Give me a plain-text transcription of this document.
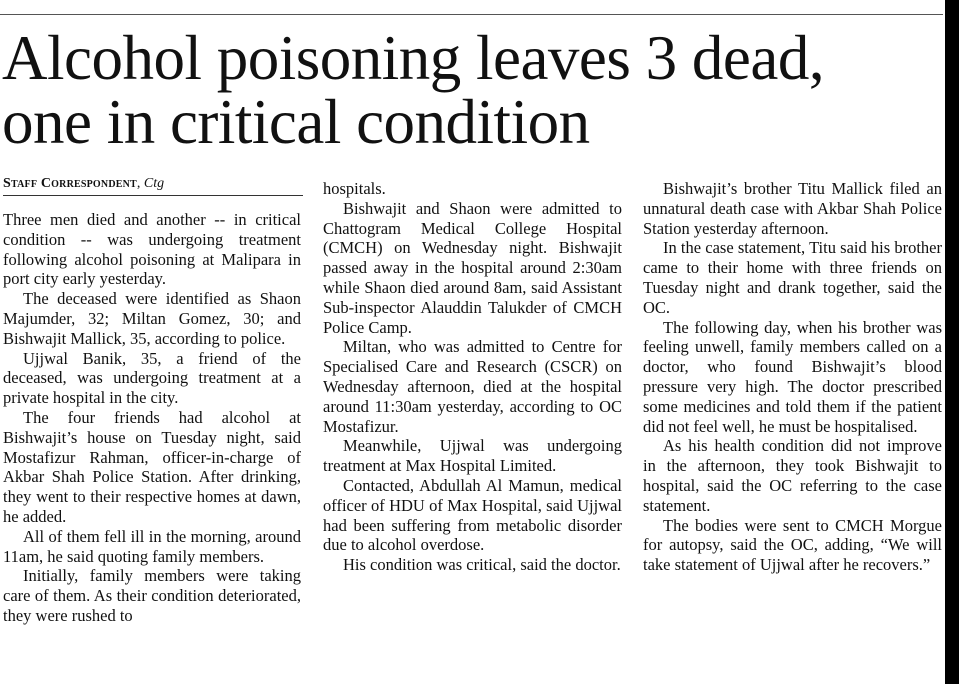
Alcohol poisoning leaves 3 dead,
one in critical condition
Staff Correspondent, Ctg

Three men died and another -- in critical condition -- was undergoing treatment following alcohol poisoning at Malipara in port city early yesterday.

The deceased were identified as Shaon Majumder, 32; Miltan Gomez, 30; and Bishwajit Mallick, 35, according to police.

Ujjwal Banik, 35, a friend of the deceased, was undergoing treatment at a private hospital in the city.

The four friends had alcohol at Bishwajit’s house on Tuesday night, said Mostafizur Rahman, officer-in-charge of Akbar Shah Police Station. After drinking, they went to their respective homes at dawn, he added.

All of them fell ill in the morning, around 11am, he said quoting family members.

Initially, family members were taking care of them. As their condition deteriorated, they were rushed to

hospitals.

Bishwajit and Shaon were admitted to Chattogram Medical College Hospital (CMCH) on Wednesday night. Bishwajit passed away in the hospital around 2:30am while Shaon died around 8am, said Assistant Sub-inspector Alauddin Talukder of CMCH Police Camp.

Miltan, who was admitted to Centre for Specialised Care and Research (CSCR) on Wednesday afternoon, died at the hospital around 11:30am yesterday, according to OC Mostafizur.

Meanwhile, Ujjwal was undergoing treatment at Max Hospital Limited.

Contacted, Abdullah Al Mamun, medical officer of HDU of Max Hospital, said Ujjwal had been suffering from metabolic disorder due to alcohol overdose.

His condition was critical, said the doctor.

Bishwajit’s brother Titu Mallick filed an unnatural death case with Akbar Shah Police Station yesterday afternoon.

In the case statement, Titu said his brother came to their home with three friends on Tuesday night and drank together, said the OC.

The following day, when his brother was feeling unwell, family members called on a doctor, who found Bishwajit’s blood pressure very high. The doctor prescribed some medicines and told them if the patient did not feel well, he must be hospitalised.

As his health condition did not improve in the afternoon, they took Bishwajit to hospital, said the OC referring to the case statement.

The bodies were sent to CMCH Morgue for autopsy, said the OC, adding, “We will take statement of Ujjwal after he recovers.”
